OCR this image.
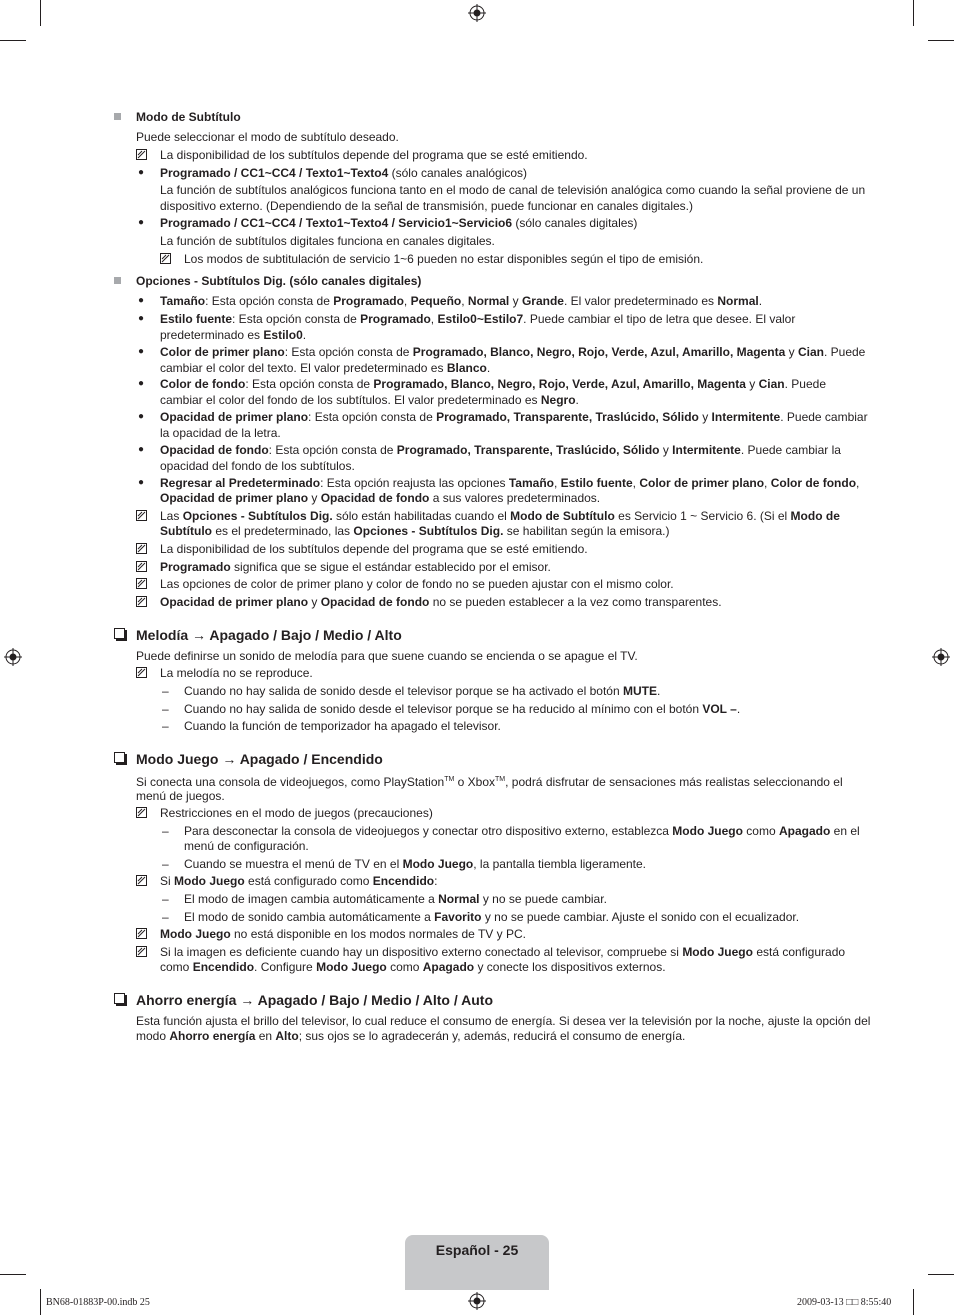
Modo de Subtítulo
Puede seleccionar el modo de subtítulo deseado.
La disponibilidad de los subtítulos depende del programa que se esté emitiendo.
● Programado / CC1~CC4 / Texto1~Texto4 (sólo canales analógicos)
La función de subtítulos analógicos funciona tanto en el modo de canal de televisión analógica como cuando la señal proviene de un
dispositivo externo. (Dependiendo de la señal de transmisión, puede funcionar en canales digitales.)
● Programado / CC1~CC4 / Texto1~Texto4 / Servicio1~Servicio6 (sólo canales digitales)
La función de subtítulos digitales funciona en canales digitales.
Los modos de subtitulación de servicio 1~6 pueden no estar disponibles según el tipo de emisión.
Opciones - Subtítulos Dig. (sólo canales digitales)
● Tamaño: Esta opción consta de Programado, Pequeño, Normal y Grande. El valor predeterminado es Normal.
● Estilo fuente: Esta opción consta de Programado, Estilo0~Estilo7. Puede cambiar el tipo de letra que desee. El valor
predeterminado es Estilo0.
● Color de primer plano: Esta opción consta de Programado, Blanco, Negro, Rojo, Verde, Azul, Amarillo, Magenta y Cian. Puede
cambiar el color del texto. El valor predeterminado es Blanco.
● Color de fondo: Esta opción consta de Programado, Blanco, Negro, Rojo, Verde, Azul, Amarillo, Magenta y Cian. Puede
cambiar el color del fondo de los subtítulos. El valor predeterminado es Negro.
● Opacidad de primer plano: Esta opción consta de Programado, Transparente, Traslúcido, Sólido y Intermitente. Puede cambiar
la opacidad de la letra.
● Opacidad de fondo: Esta opción consta de Programado, Transparente, Traslúcido, Sólido y Intermitente. Puede cambiar la
opacidad del fondo de los subtítulos.
● Regresar al Predeterminado: Esta opción reajusta las opciones Tamaño, Estilo fuente, Color de primer plano, Color de fondo,
Opacidad de primer plano y Opacidad de fondo a sus valores predeterminados.
Las Opciones - Subtítulos Dig. sólo están habilitadas cuando el Modo de Subtítulo es Servicio 1 ~ Servicio 6. (Si el Modo de
Subtítulo es el predeterminado, las Opciones - Subtítulos Dig. se habilitan según la emisora.)
La disponibilidad de los subtítulos depende del programa que se esté emitiendo.
Programado significa que se sigue el estándar establecido por el emisor.
Las opciones de color de primer plano y color de fondo no se pueden ajustar con el mismo color.
Opacidad de primer plano y Opacidad de fondo no se pueden establecer a la vez como transparentes.
Melodía → Apagado / Bajo / Medio / Alto
Puede definirse un sonido de melodía para que suene cuando se encienda o se apague el TV.
La melodía no se reproduce.
– Cuando no hay salida de sonido desde el televisor porque se ha activado el botón MUTE.
– Cuando no hay salida de sonido desde el televisor porque se ha reducido al mínimo con el botón VOL –.
– Cuando la función de temporizador ha apagado el televisor.
Modo Juego → Apagado / Encendido
Si conecta una consola de videojuegos, como PlayStation™ o Xbox™, podrá disfrutar de sensaciones más realistas seleccionando el
menú de juegos.
Restricciones en el modo de juegos (precauciones)
– Para desconectar la consola de videojuegos y conectar otro dispositivo externo, establezca Modo Juego como Apagado en el
menú de configuración.
– Cuando se muestra el menú de TV en el Modo Juego, la pantalla tiembla ligeramente.
Si Modo Juego está configurado como Encendido:
– El modo de imagen cambia automáticamente a Normal y no se puede cambiar.
– El modo de sonido cambia automáticamente a Favorito y no se puede cambiar. Ajuste el sonido con el ecualizador.
Modo Juego no está disponible en los modos normales de TV y PC.
Si la imagen es deficiente cuando hay un dispositivo externo conectado al televisor, compruebe si Modo Juego está configurado
como Encendido. Configure Modo Juego como Apagado y conecte los dispositivos externos.
Ahorro energía → Apagado / Bajo / Medio / Alto / Auto
Esta función ajusta el brillo del televisor, lo cual reduce el consumo de energía. Si desea ver la televisión por la noche, ajuste la opción del
modo Ahorro energía en Alto; sus ojos se lo agradecerán y, además, reducirá el consumo de energía.
Español - 25
BN68-01883P-00.indb 25	2009-03-13 □□ 8:55:40
